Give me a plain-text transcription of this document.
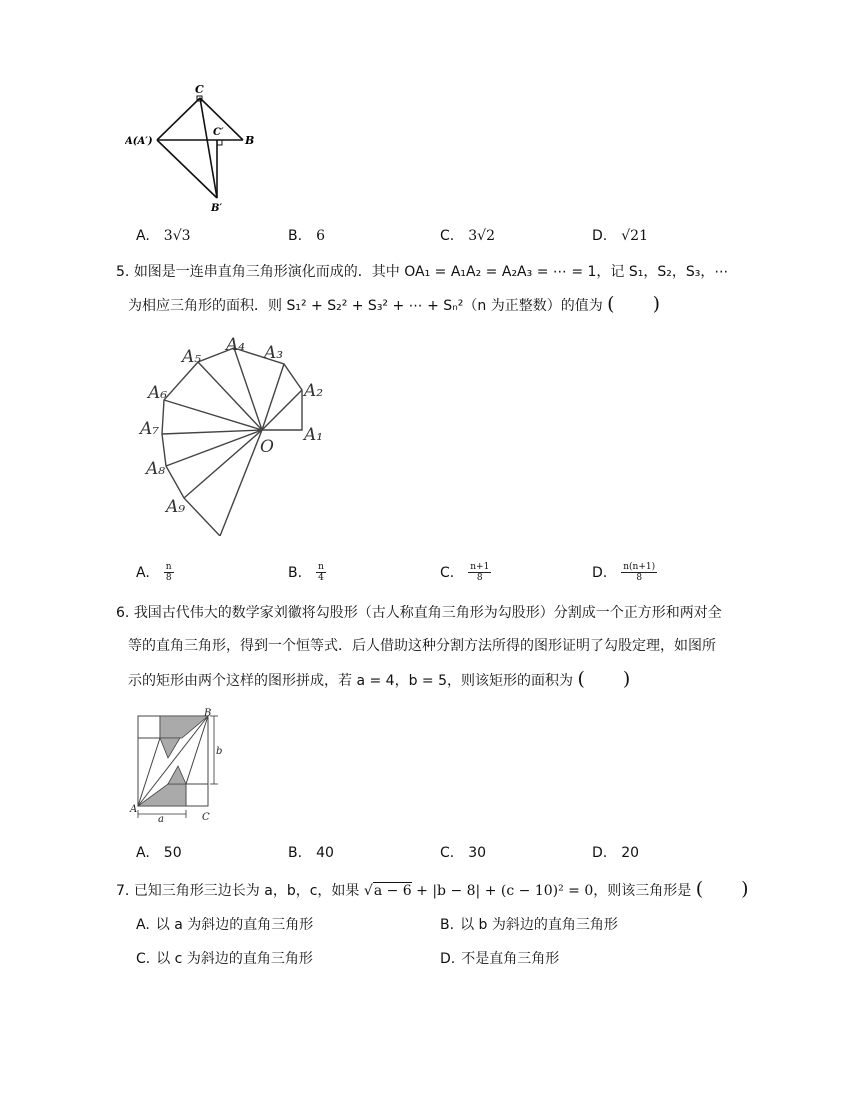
C
A(A′)	B
C′
B′
A. 3√3	B. 6	C. 3√2	D. √21
5. 如图是一连串直角三角形演化而成的．其中 OA₁ = A₁A₂ = A₂A₃ = ⋯ = 1，记 S₁，S₂，S₃，⋯
为相应三角形的面积．则 S₁² + S₂² + S₃² + ⋯ + Sₙ²（n 为正整数）的值为 (　　)
A₁
A₂
A₃
A₄
A₅
A₆
A₇
A₈
A₉
O
A. $\frac{n}{8}$	B. $\frac{n}{4}$	C. $\frac{n+1}{8}$	D. $\frac{n(n+1)}{8}$
6. 我国古代伟大的数学家刘徽将勾股形（古人称直角三角形为勾股形）分割成一个正方形和两对全
等的直角三角形，得到一个恒等式．后人借助这种分割方法所得的图形证明了勾股定理，如图所
示的矩形由两个这样的图形拼成，若 a = 4，b = 5，则该矩形的面积为 (　　)
B
A
C
b
a
A. 50	B. 40	C. 30	D. 20
7. 已知三角形三边长为 a，b，c，如果 √a − 6 + |b − 8| + (c − 10)² = 0，则该三角形是 (　　)
A. 以 a 为斜边的直角三角形	B. 以 b 为斜边的直角三角形
C. 以 c 为斜边的直角三角形	D. 不是直角三角形
